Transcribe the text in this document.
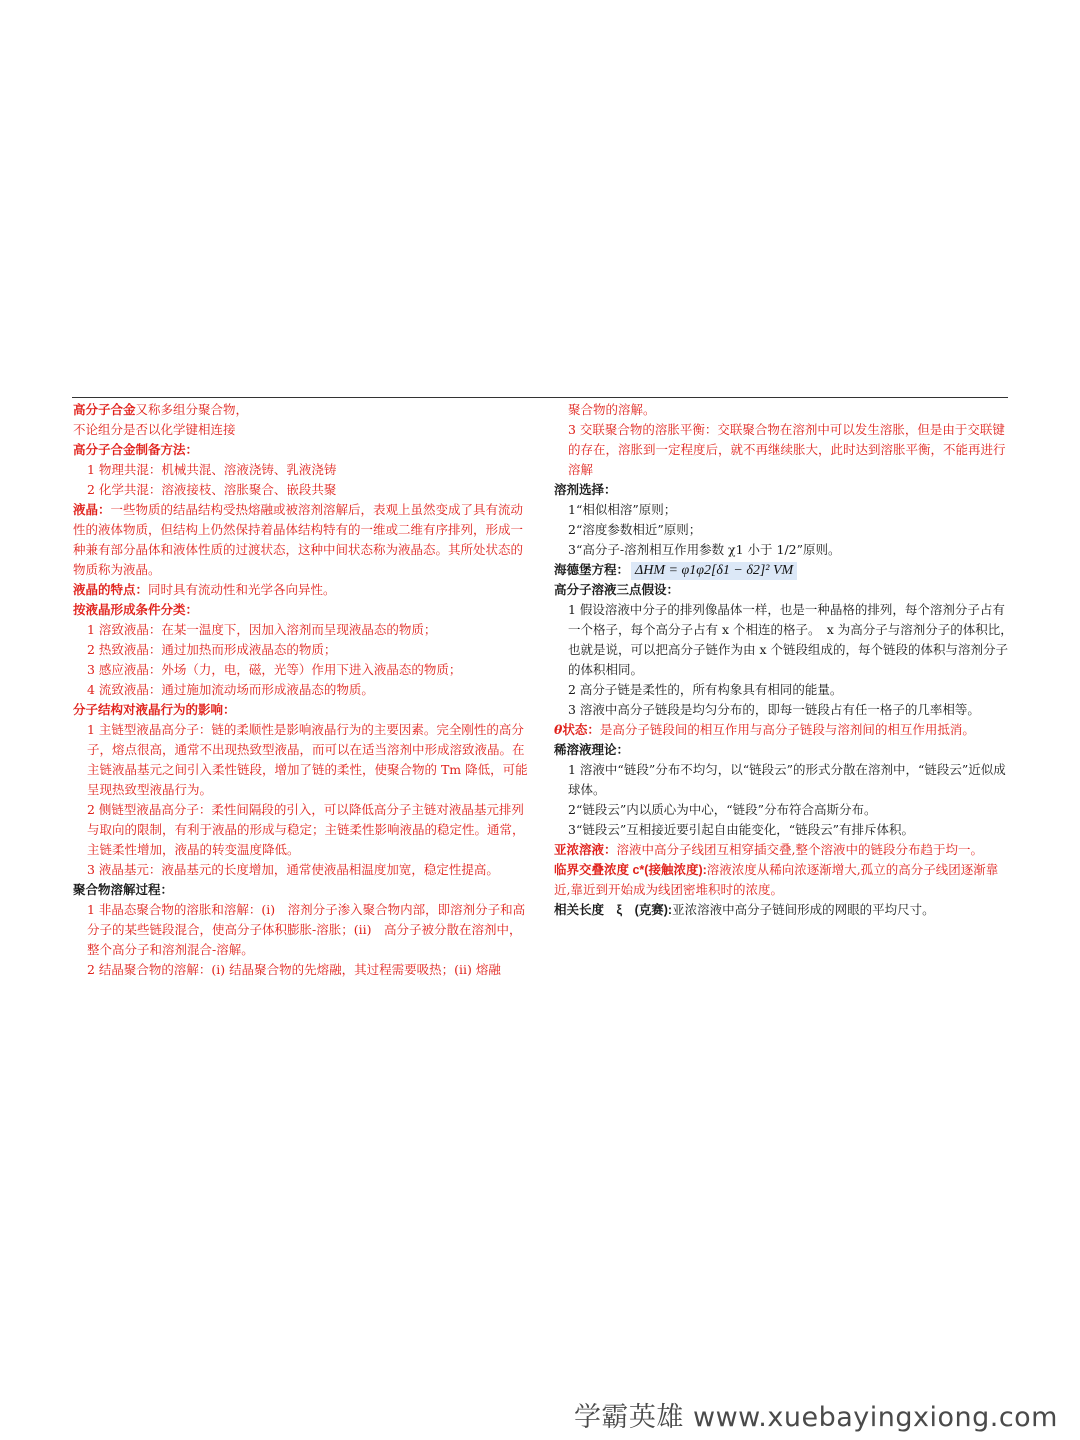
高分子合金又称多组分聚合物，

不论组分是否以化学键相连接

高分子合金制备方法：

1 物理共混：机械共混、溶液浇铸、乳液浇铸

2 化学共混：溶液接枝、溶胀聚合、嵌段共聚

液晶：一些物质的结晶结构受热熔融或被溶剂溶解后，表观上虽然变成了具有流动性的液体物质，但结构上仍然保持着晶体结构特有的一维或二维有序排列，形成一种兼有部分晶体和液体性质的过渡状态，这种中间状态称为液晶态。其所处状态的物质称为液晶。

液晶的特点：同时具有流动性和光学各向异性。

按液晶形成条件分类：

1 溶致液晶：在某一温度下，因加入溶剂而呈现液晶态的物质；

2 热致液晶：通过加热而形成液晶态的物质；

3 感应液晶：外场（力，电，磁，光等）作用下进入液晶态的物质；

4 流致液晶：通过施加流动场而形成液晶态的物质。

分子结构对液晶行为的影响：

1 主链型液晶高分子：链的柔顺性是影响液晶行为的主要因素。完全刚性的高分子，熔点很高，通常不出现热致型液晶，而可以在适当溶剂中形成溶致液晶。在主链液晶基元之间引入柔性链段，增加了链的柔性，使聚合物的 Tm 降低，可能呈现热致型液晶行为。

2 侧链型液晶高分子：柔性间隔段的引入，可以降低高分子主链对液晶基元排列与取向的限制，有利于液晶的形成与稳定；主链柔性影响液晶的稳定性。通常，主链柔性增加，液晶的转变温度降低。

3 液晶基元：液晶基元的长度增加，通常使液晶相温度加宽，稳定性提高。

聚合物溶解过程：

1 非晶态聚合物的溶胀和溶解：(i)　溶剂分子渗入聚合物内部，即溶剂分子和高分子的某些链段混合，使高分子体积膨胀-溶胀；(ii)　高分子被分散在溶剂中，整个高分子和溶剂混合-溶解。

2 结晶聚合物的溶解：(i) 结晶聚合物的先熔融，其过程需要吸热；(ii) 熔融

聚合物的溶解。

3 交联聚合物的溶胀平衡：交联聚合物在溶剂中可以发生溶胀，但是由于交联键的存在，溶胀到一定程度后，就不再继续胀大，此时达到溶胀平衡，不能再进行溶解

溶剂选择：

1“相似相溶”原则；

2“溶度参数相近”原则；

3“高分子-溶剂相互作用参数 χ1 小于 1/2”原则。

海德堡方程： ΔHM = φ1φ2[δ1 − δ2]² VM

高分子溶液三点假设：

1 假设溶液中分子的排列像晶体一样，也是一种晶格的排列，每个溶剂分子占有一个格子，每个高分子占有 x 个相连的格子。　x 为高分子与溶剂分子的体积比，也就是说，可以把高分子链作为由 x 个链段组成的，每个链段的体积与溶剂分子的体积相同。

2 高分子链是柔性的，所有构象具有相同的能量。

3 溶液中高分子链段是均匀分布的，即每一链段占有任一格子的几率相等。

θ状态：是高分子链段间的相互作用与高分子链段与溶剂间的相互作用抵消。

稀溶液理论：

1 溶液中“链段”分布不均匀，以“链段云”的形式分散在溶剂中，“链段云”近似成球体。

2“链段云”内以质心为中心，“链段”分布符合高斯分布。

3“链段云”互相接近要引起自由能变化，“链段云”有排斥体积。

亚浓溶液：溶液中高分子线团互相穿插交叠,整个溶液中的链段分布趋于均一。

临界交叠浓度 c*(接触浓度):溶液浓度从稀向浓逐渐增大,孤立的高分子线团逐渐靠近,靠近到开始成为线团密堆积时的浓度。

相关长度　ξ　(克赛):亚浓溶液中高分子链间形成的网眼的平均尺寸。

学霸英雄 www.xuebayingxiong.com
